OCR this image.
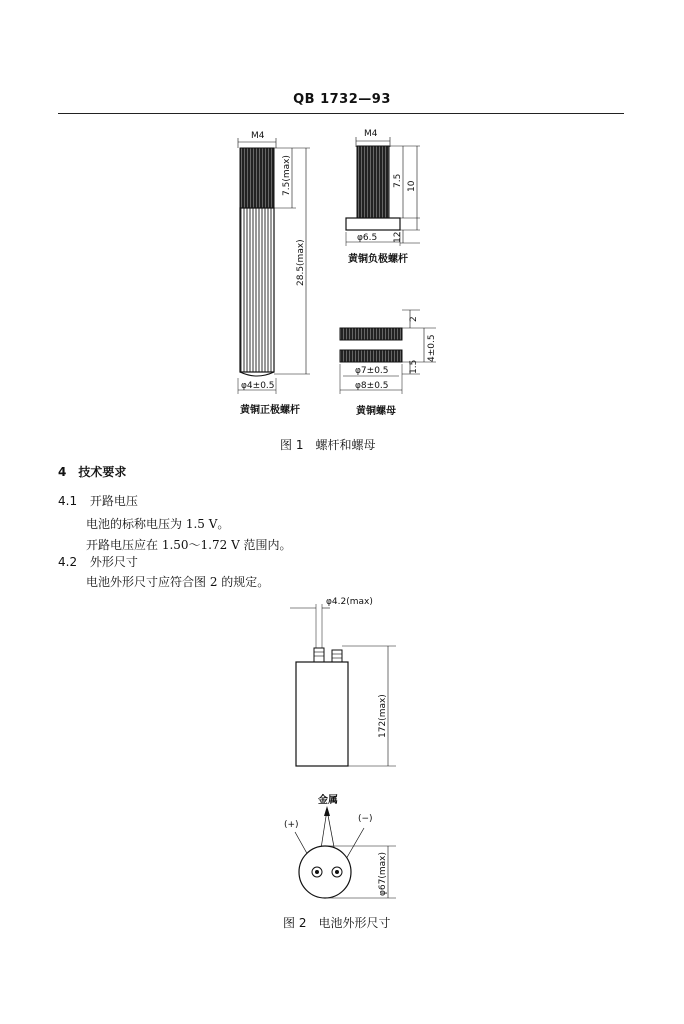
QB 1732—93
M4
7.5(max)
28.5(max)
φ4±0.5
黄铜正极螺杆
M4
7.5 10
12
φ6.5
黄铜负极螺杆
2
4±0.5
1.5
φ7±0.5
φ8±0.5
黄铜螺母
φ4.2(max)
172(max)
金属
(+)
(−)
φ67(max)
图 1　螺杆和螺母
4　技术要求
4.1 开路电压
电池的标称电压为 1.5 V。
开路电压应在 1.50～1.72 V 范围内。
4.2 外形尺寸
电池外形尺寸应符合图 2 的规定。
图 2　电池外形尺寸
